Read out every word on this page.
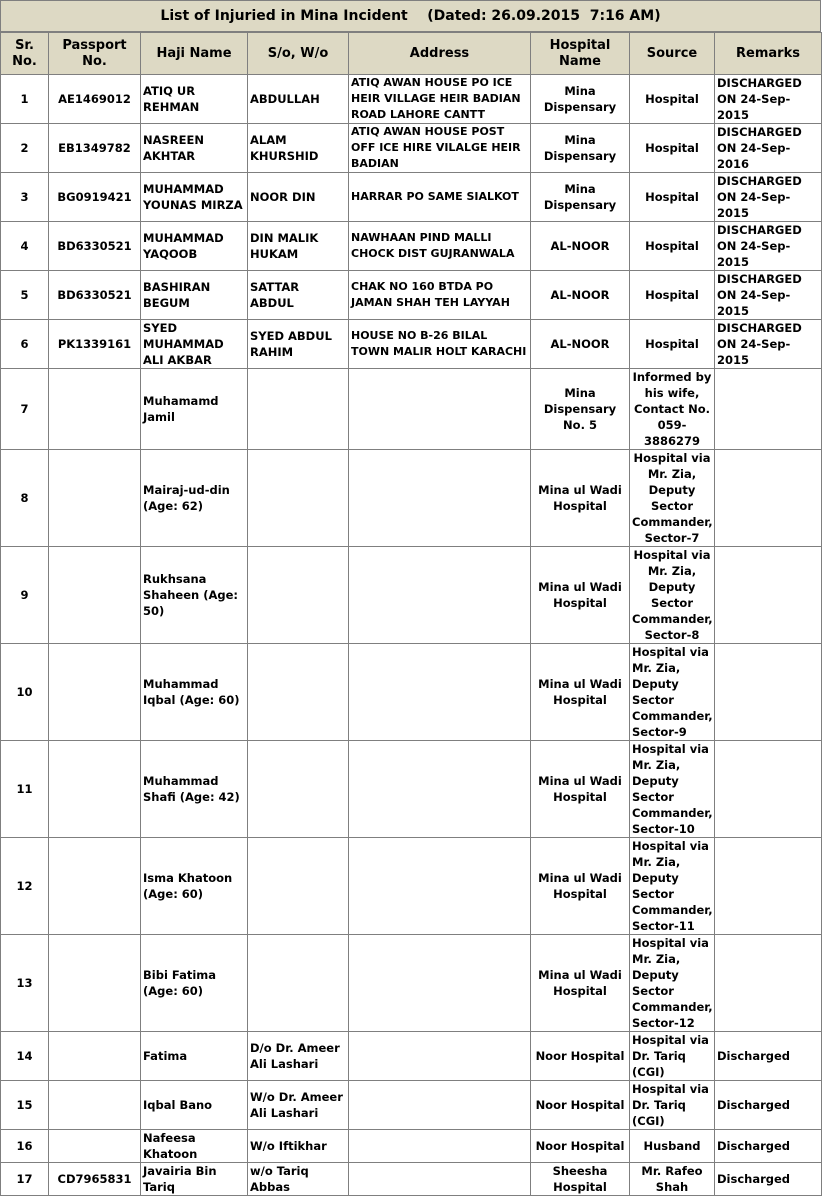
List of Injuried in Mina Incident (Dated: 26.09.2015  7:16 AM)
Sr. No.	Passport No.	Haji Name	S/o, W/o	Address	Hospital Name	Source	Remarks
1	AE1469012	ATIQ UR REHMAN	ABDULLAH	ATIQ AWAN HOUSE PO ICE HEIR VILLAGE HEIR BADIAN ROAD LAHORE CANTT	Mina Dispensary	Hospital	DISCHARGED ON 24-Sep-2015
2	EB1349782	NASREEN AKHTAR	ALAM KHURSHID	ATIQ AWAN HOUSE POST OFF ICE HIRE VILALGE HEIR BADIAN	Mina Dispensary	Hospital	DISCHARGED ON 24-Sep-2016
3	BG0919421	MUHAMMAD YOUNAS MIRZA	NOOR DIN	HARRAR PO SAME SIALKOT	Mina Dispensary	Hospital	DISCHARGED ON 24-Sep-2015
4	BD6330521	MUHAMMAD YAQOOB	DIN MALIK HUKAM	NAWHAAN PIND MALLI CHOCK DIST GUJRANWALA	AL-NOOR	Hospital	DISCHARGED ON 24-Sep-2015
5	BD6330521	BASHIRAN BEGUM	SATTAR ABDUL	CHAK NO 160 BTDA PO JAMAN SHAH TEH LAYYAH	AL-NOOR	Hospital	DISCHARGED ON 24-Sep-2015
6	PK1339161	SYED MUHAMMAD ALI AKBAR	SYED ABDUL RAHIM	HOUSE NO B-26 BILAL TOWN MALIR HOLT KARACHI	AL-NOOR	Hospital	DISCHARGED ON 24-Sep-2015
7		Muhamamd Jamil			Mina Dispensary No. 5	Informed by his wife, Contact No. 059-3886279	
8		Mairaj-ud-din (Age: 62)			Mina ul Wadi Hospital	Hospital via Mr. Zia, Deputy Sector Commander, Sector-7	
9		Rukhsana Shaheen (Age: 50)			Mina ul Wadi Hospital	Hospital via Mr. Zia, Deputy Sector Commander, Sector-8	
10		Muhammad Iqbal (Age: 60)			Mina ul Wadi Hospital	Hospital via Mr. Zia, Deputy Sector Commander, Sector-9	
11		Muhammad Shafi (Age: 42)			Mina ul Wadi Hospital	Hospital via Mr. Zia, Deputy Sector Commander, Sector-10	
12		Isma Khatoon (Age: 60)			Mina ul Wadi Hospital	Hospital via Mr. Zia, Deputy Sector Commander, Sector-11	
13		Bibi Fatima (Age: 60)			Mina ul Wadi Hospital	Hospital via Mr. Zia, Deputy Sector Commander, Sector-12	
14		Fatima	D/o Dr. Ameer Ali Lashari		Noor Hospital	Hospital via Dr. Tariq (CGI)	Discharged
15		Iqbal Bano	W/o Dr. Ameer Ali Lashari		Noor Hospital	Hospital via Dr. Tariq (CGI)	Discharged
16		Nafeesa Khatoon	W/o Iftikhar		Noor Hospital	Husband	Discharged
17	CD7965831	Javairia Bin Tariq	w/o Tariq Abbas		Sheesha Hospital	Mr. Rafeo Shah	Discharged
